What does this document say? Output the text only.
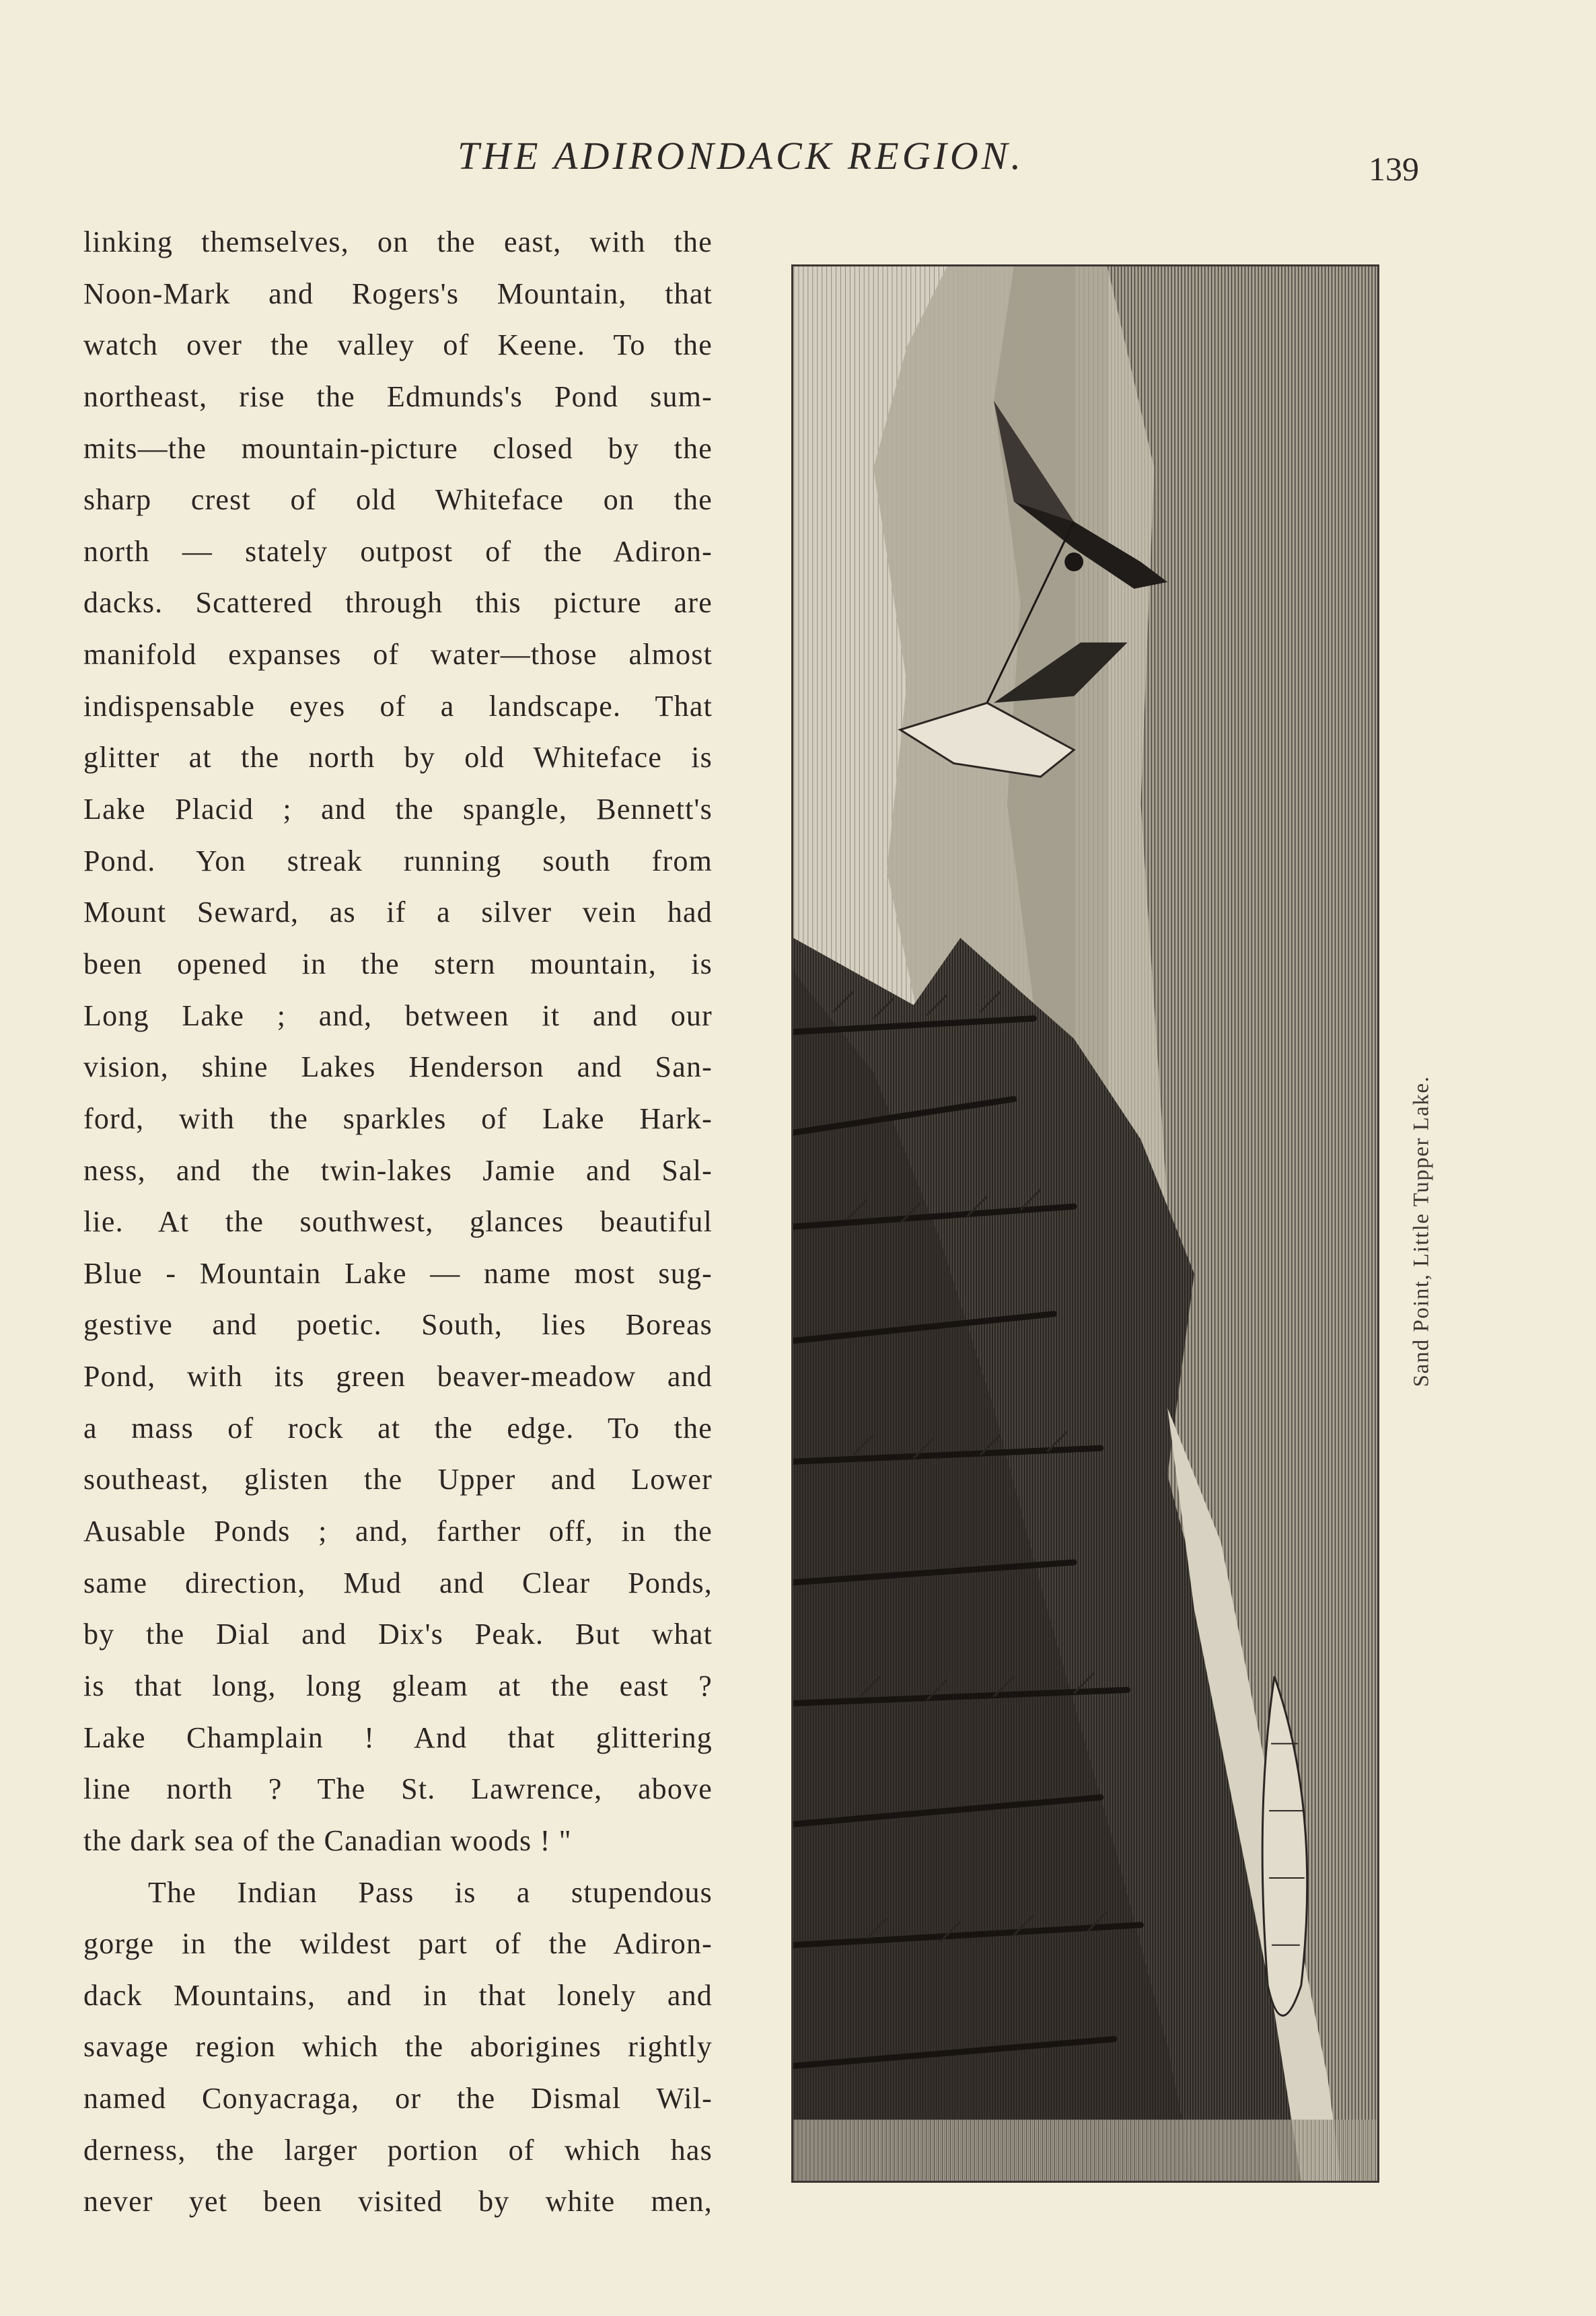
THE ADIRONDACK REGION.	139
linking themselves, on the east, with the
Noon-Mark and Rogers's Mountain, that
watch over the valley of Keene. To the
northeast, rise the Edmunds's Pond sum-
mits—the mountain-picture closed by the
sharp crest of old Whiteface on the
north — stately outpost of the Adiron-
dacks. Scattered through this picture are
manifold expanses of water—those almost
indispensable eyes of a landscape. That
glitter at the north by old Whiteface is
Lake Placid ; and the spangle, Bennett's
Pond. Yon streak running south from
Mount Seward, as if a silver vein had
been opened in the stern mountain, is
Long Lake ; and, between it and our
vision, shine Lakes Henderson and San-
ford, with the sparkles of Lake Hark-
ness, and the twin-lakes Jamie and Sal-
lie. At the southwest, glances beautiful
Blue - Mountain Lake — name most sug-
gestive and poetic. South, lies Boreas
Pond, with its green beaver-meadow and
a mass of rock at the edge. To the
southeast, glisten the Upper and Lower
Ausable Ponds ; and, farther off, in the
same direction, Mud and Clear Ponds,
by the Dial and Dix's Peak. But what
is that long, long gleam at the east ?
Lake Champlain ! And that glittering
line north ? The St. Lawrence, above
the dark sea of the Canadian woods ! "
The Indian Pass is a stupendous
gorge in the wildest part of the Adiron-
dack Mountains, and in that lonely and
savage region which the aborigines rightly
named Conyacraga, or the Dismal Wil-
derness, the larger portion of which has
never yet been visited by white men,
Sand Point, Little Tupper Lake.
